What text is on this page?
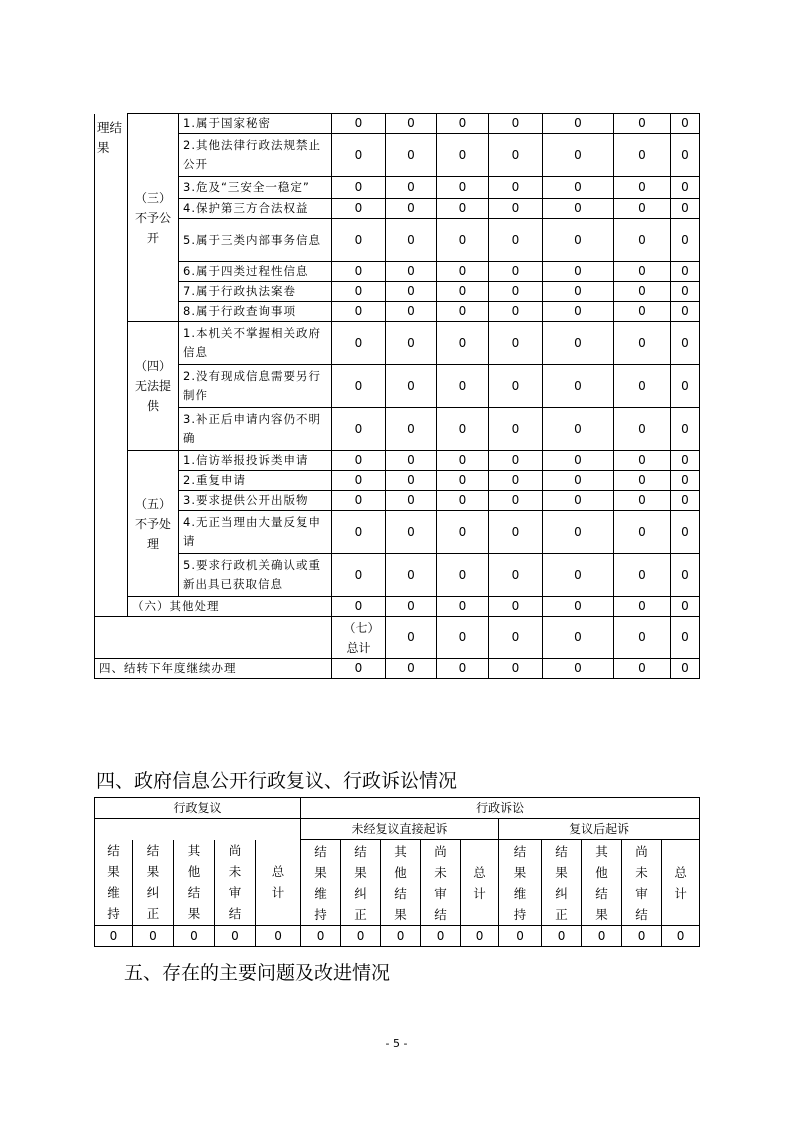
理结果	（三）不予公开	1.属于国家秘密	0	0	0	0	0	0	0
		2.其他法律行政法规禁止公开	0	0	0	0	0	0	0
		3.危及“三安全一稳定”	0	0	0	0	0	0	0
		4.保护第三方合法权益	0	0	0	0	0	0	0
		5.属于三类内部事务信息	0	0	0	0	0	0	0
		6.属于四类过程性信息	0	0	0	0	0	0	0
		7.属于行政执法案卷	0	0	0	0	0	0	0
		8.属于行政查询事项	0	0	0	0	0	0	0
	（四）无法提供	1.本机关不掌握相关政府信息	0	0	0	0	0	0	0
		2.没有现成信息需要另行制作	0	0	0	0	0	0	0
		3.补正后申请内容仍不明确	0	0	0	0	0	0	0
	（五）不予处理	1.信访举报投诉类申请	0	0	0	0	0	0	0
		2.重复申请	0	0	0	0	0	0	0
		3.要求提供公开出版物	0	0	0	0	0	0	0
		4.无正当理由大量反复申请	0	0	0	0	0	0	0
		5.要求行政机关确认或重新出具已获取信息	0	0	0	0	0	0	0
	（六）其他处理		0	0	0	0	0	0	0
			（七）总计	0	0	0	0	0	0
四、结转下年度继续办理			0	0	0	0	0	0	0
四、政府信息公开行政复议、行政诉讼情况
行政复议					行政诉讼									
					未经复议直接起诉					复议后起诉				
结果维持	结果纠正	其他结果	尚未审结	总计	结果维持	结果纠正	其他结果	尚未审结	总计	结果维持	结果纠正	其他结果	尚未审结	总计
0	0	0	0	0	0	0	0	0	0	0	0	0	0	0
五、存在的主要问题及改进情况
- 5 -
